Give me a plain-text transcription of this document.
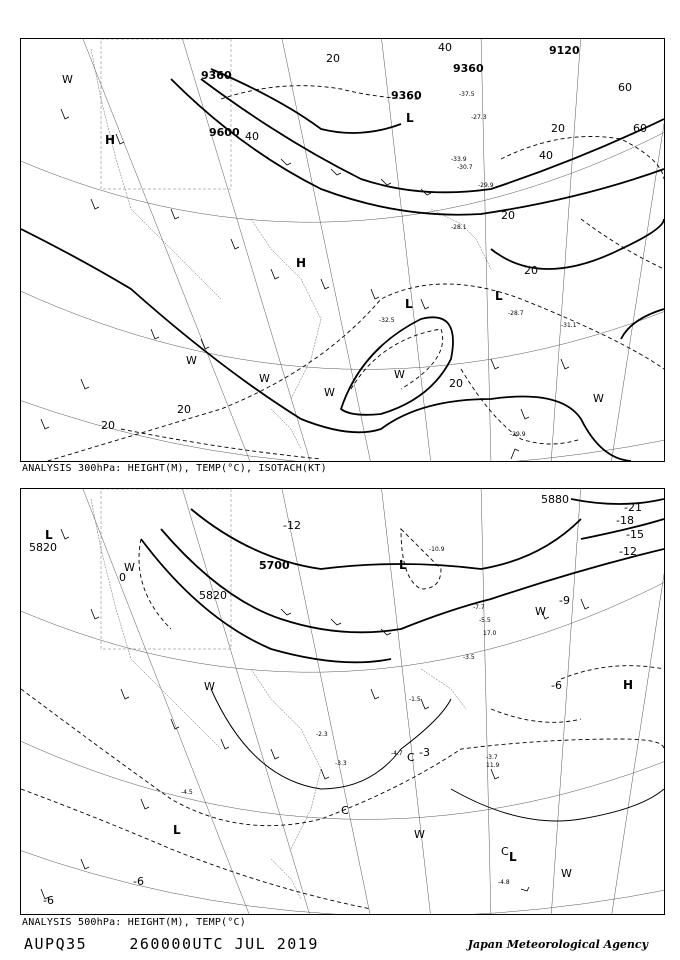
9360
9360
9360
9600
9120
20
40
60
20
40
20
20
20
20
40
60
20
-27.3
-37.5
-33.9
-30.7
-29.9
-28.1
-28.7
-32.5
-29.9
-31.1
L
L
H
H
W
W
W
W
W
W
L
ANALYSIS 300hPa: HEIGHT(M), TEMP(°C), ISOTACH(KT)
5820
5700
5820
5880
-12
-9
-6
-3
0
-18
-15
-21
-12
-6
-6
-10.9
-7.7
-5.5
17.0
-3.5
-4.7
-3.7
11.9
-4.8
-3.3
-1.5
-2.3
-4.5
L
L
L
L
H
W
W
W
C
C
C
W
W
ANALYSIS 500hPa: HEIGHT(M), TEMP(°C)
AUPQ35	260000UTC JUL 2019	Japan Meteorological Agency
